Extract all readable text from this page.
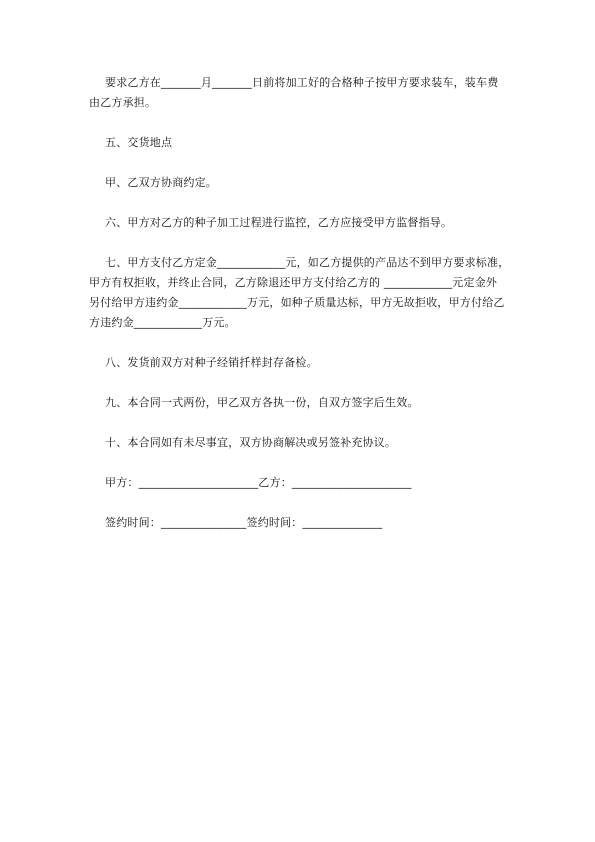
要求乙方在_______月_______日前将加工好的合格种子按甲方要求装车，装车费
由乙方承担。
五、交货地点
甲、乙双方协商约定。
六、甲方对乙方的种子加工过程进行监控，乙方应接受甲方监督指导。
七、甲方支付乙方定金____________元，如乙方提供的产品达不到甲方要求标准，
甲方有权拒收，并终止合同，乙方除退还甲方支付给乙方的 ____________元定金外
另付给甲方违约金____________万元，如种子质量达标，甲方无故拒收，甲方付给乙
方违约金____________万元。
八、发货前双方对种子经销扦样封存备检。
九、本合同一式两份，甲乙双方各执一份，自双方签字后生效。
十、本合同如有未尽事宜，双方协商解决或另签补充协议。
甲方：_____________________乙方：_____________________
签约时间：_______________签约时间：______________
